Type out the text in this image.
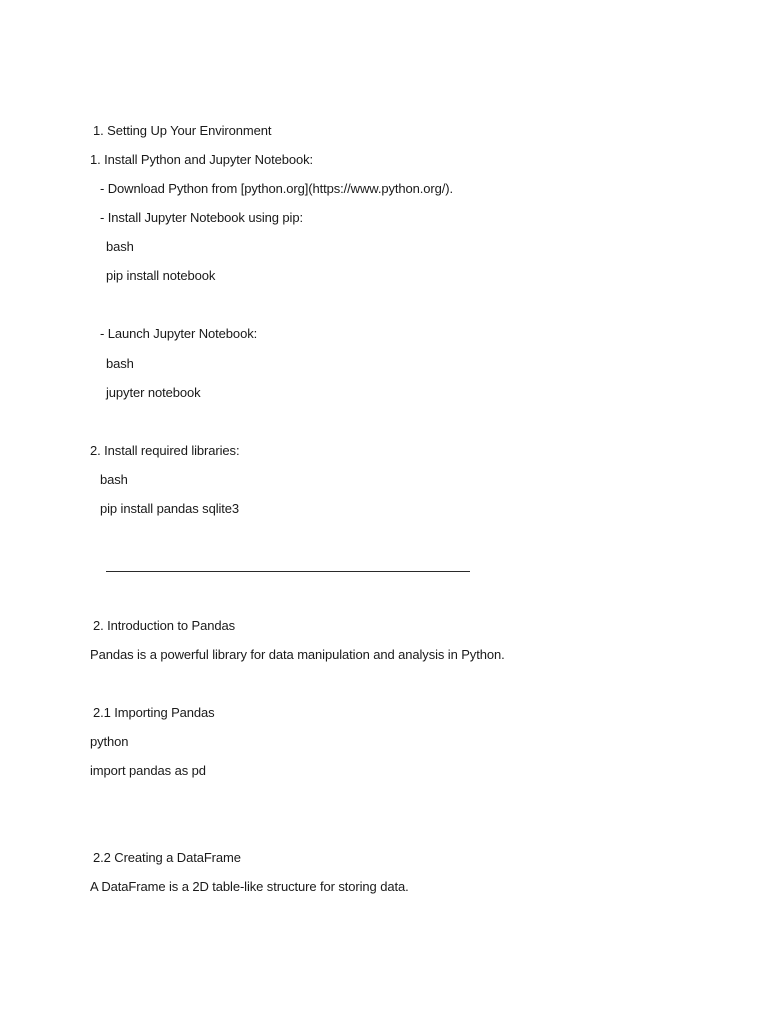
1. Setting Up Your Environment
1. Install Python and Jupyter Notebook:
- Download Python from [python.org](https://www.python.org/).
- Install Jupyter Notebook using pip:
bash
pip install notebook
- Launch Jupyter Notebook:
bash
jupyter notebook
2. Install required libraries:
bash
pip install pandas sqlite3
2. Introduction to Pandas
Pandas is a powerful library for data manipulation and analysis in Python.
2.1 Importing Pandas
python
import pandas as pd
2.2 Creating a DataFrame
A DataFrame is a 2D table-like structure for storing data.
